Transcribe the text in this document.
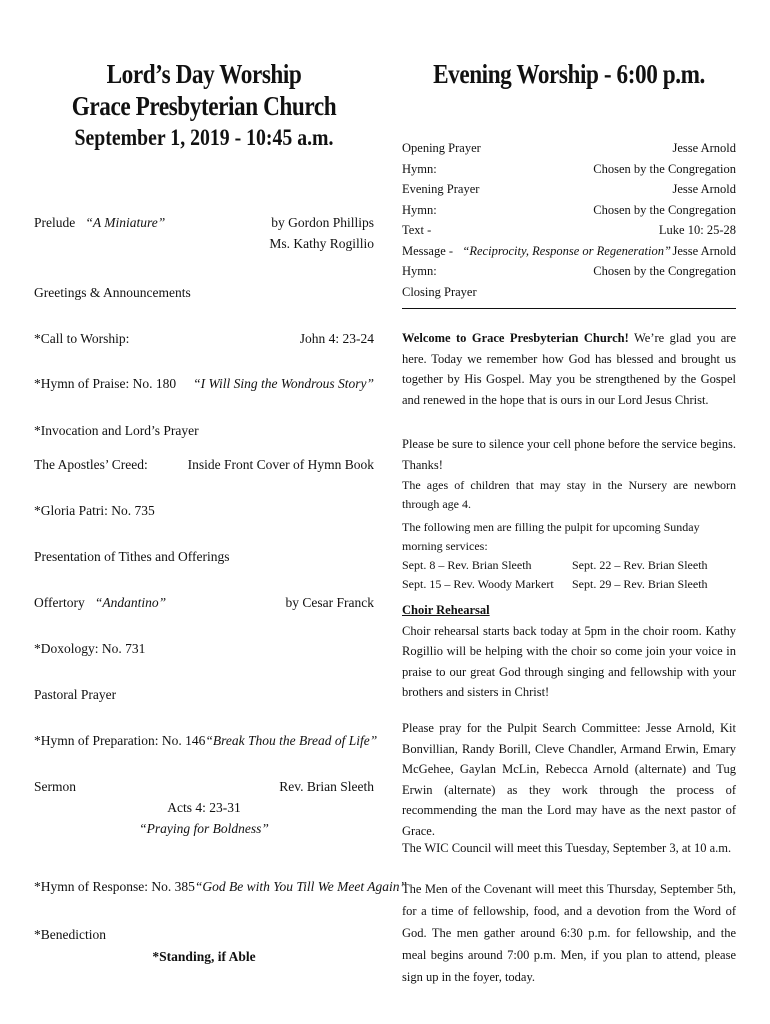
Lord’s Day Worship
Grace Presbyterian Church
September 1, 2019 - 10:45 a.m.
Prelude “A Miniature”	by Gordon Phillips
Ms. Kathy Rogillio
Greetings & Announcements
*Call to Worship:	John 4: 23-24
*Hymn of Praise: No. 180 “I Will Sing the Wondrous Story”
*Invocation and Lord’s Prayer
The Apostles’ Creed:	Inside Front Cover of Hymn Book
*Gloria Patri: No. 735
Presentation of Tithes and Offerings
Offertory “Andantino”	by Cesar Franck
*Doxology: No. 731
Pastoral Prayer
*Hymn of Preparation: No. 146 “Break Thou the Bread of Life”
Sermon	Rev. Brian Sleeth
Acts 4: 23-31
“Praying for Boldness”
*Hymn of Response: No. 385 “God Be with You Till We Meet Again”
*Benediction
*Standing, if Able
Evening Worship - 6:00 p.m.
Opening Prayer	Jesse Arnold
Hymn:	Chosen by the Congregation
Evening Prayer	Jesse Arnold
Hymn:	Chosen by the Congregation
Text -	Luke 10: 25-28
Message - “Reciprocity, Response or Regeneration” Jesse Arnold
Hymn:	Chosen by the Congregation
Closing Prayer
Welcome to Grace Presbyterian Church! We’re glad you are here. Today we remember how God has blessed and brought us together by His Gospel. May you be strengthened by the Gospel and renewed in the hope that is ours in our Lord Jesus Christ.
Please be sure to silence your cell phone before the service begins. Thanks!
The ages of children that may stay in the Nursery are newborn through age 4.
The following men are filling the pulpit for upcoming Sunday morning services:
Sept. 8 – Rev. Brian Sleeth	Sept. 22 – Rev. Brian Sleeth
Sept. 15 – Rev. Woody Markert	Sept. 29 – Rev. Brian Sleeth
Choir Rehearsal
Choir rehearsal starts back today at 5pm in the choir room. Kathy Rogillio will be helping with the choir so come join your voice in praise to our great God through singing and fellowship with your brothers and sisters in Christ!
Please pray for the Pulpit Search Committee: Jesse Arnold, Kit Bonvillian, Randy Borill, Cleve Chandler, Armand Erwin, Emary McGehee, Gaylan McLin, Rebecca Arnold (alternate) and Tug Erwin (alternate) as they work through the process of recommending the man the Lord may have as the next pastor of Grace.
The WIC Council will meet this Tuesday, September 3, at 10 a.m.
The Men of the Covenant will meet this Thursday, September 5th, for a time of fellowship, food, and a devotion from the Word of God. The men gather around 6:30 p.m. for fellowship, and the meal begins around 7:00 p.m. Men, if you plan to attend, please sign up in the foyer, today.
